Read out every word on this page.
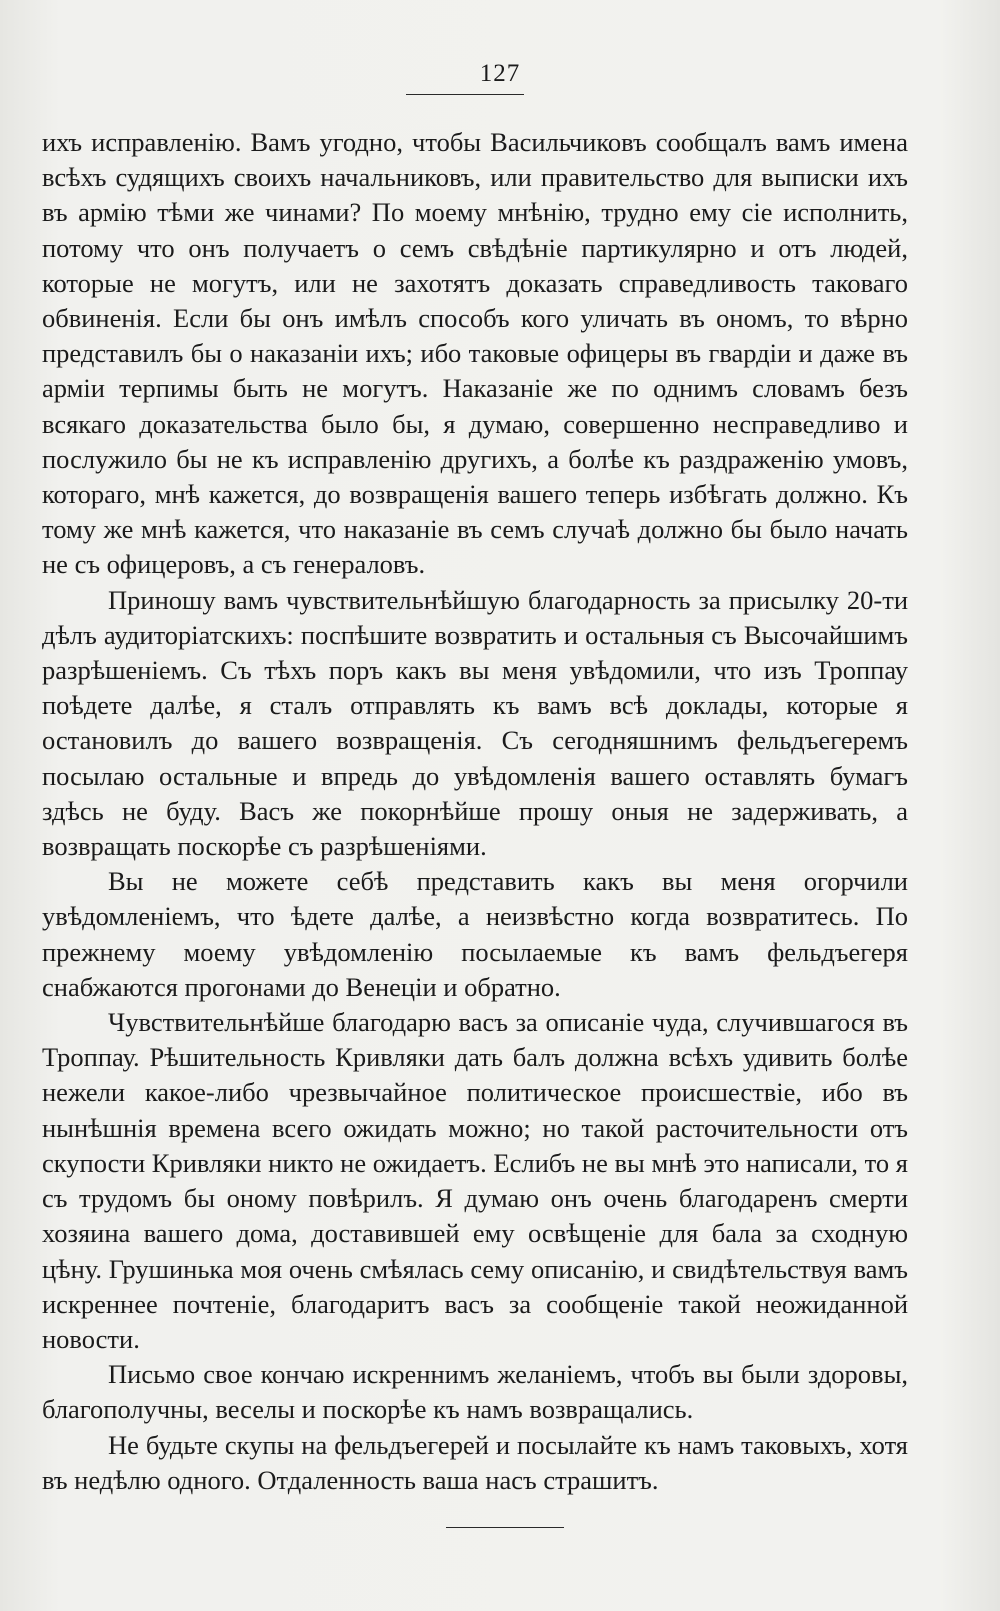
127

ихъ исправленію. Вамъ угодно, чтобы Васильчиковъ сообщалъ вамъ имена всѣхъ судящихъ своихъ начальниковъ, или правительство для выписки ихъ въ армію тѣми же чинами? По моему мнѣнію, трудно ему сіе исполнить, потому что онъ получаетъ о семъ свѣдѣніе партикулярно и отъ людей, которые не могутъ, или не захотятъ доказать справедливость таковаго обвиненія. Если бы онъ имѣлъ способъ кого уличать въ ономъ, то вѣрно представилъ бы о наказаніи ихъ; ибо таковые офицеры въ гвардіи и даже въ арміи терпимы быть не могутъ. Наказаніе же по однимъ словамъ безъ всякаго доказательства было бы, я думаю, совершенно несправедливо и послужило бы не къ исправленію другихъ, а болѣе къ раздраженію умовъ, котораго, мнѣ кажется, до возвращенія вашего теперь избѣгать должно. Къ тому же мнѣ кажется, что наказаніе въ семъ случаѣ должно бы было начать не съ офицеровъ, а съ генераловъ.

Приношу вамъ чувствительнѣйшую благодарность за присылку 20-ти дѣлъ аудиторіатскихъ: поспѣшите возвратить и остальныя съ Высочайшимъ разрѣшеніемъ. Съ тѣхъ поръ какъ вы меня увѣдомили, что изъ Троппау поѣдете далѣе, я сталъ отправлять къ вамъ всѣ доклады, которые я остановилъ до вашего возвращенія. Съ сегодняшнимъ фельдъегеремъ посылаю остальные и впредь до увѣдомленія вашего оставлять бумагъ здѣсь не буду. Васъ же покорнѣйше прошу оныя не задерживать, а возвращать поскорѣе съ разрѣшеніями.

Вы не можете себѣ представить какъ вы меня огорчили увѣдомленіемъ, что ѣдете далѣе, а неизвѣстно когда возвратитесь. По прежнему моему увѣдомленію посылаемые къ вамъ фельдъегеря снабжаются прогонами до Венеціи и обратно.

Чувствительнѣйше благодарю васъ за описаніе чуда, случившагося въ Троппау. Рѣшительность Кривляки дать балъ должна всѣхъ удивить болѣе нежели какое-либо чрезвычайное политическое происшествіе, ибо въ нынѣшнія времена всего ожидать можно; но такой расточительности отъ скупости Кривляки никто не ожидаетъ. Еслибъ не вы мнѣ это написали, то я съ трудомъ бы оному повѣрилъ. Я думаю онъ очень благодаренъ смерти хозяина вашего дома, доставившей ему освѣщеніе для бала за сходную цѣну. Грушинька моя очень смѣялась сему описанію, и свидѣтельствуя вамъ искреннее почтеніе, благодаритъ васъ за сообщеніе такой неожиданной новости.

Письмо свое кончаю искреннимъ желаніемъ, чтобъ вы были здоровы, благополучны, веселы и поскорѣе къ намъ возвращались.

Не будьте скупы на фельдъегерей и посылайте къ намъ таковыхъ, хотя въ недѣлю одного. Отдаленность ваша насъ страшитъ.
